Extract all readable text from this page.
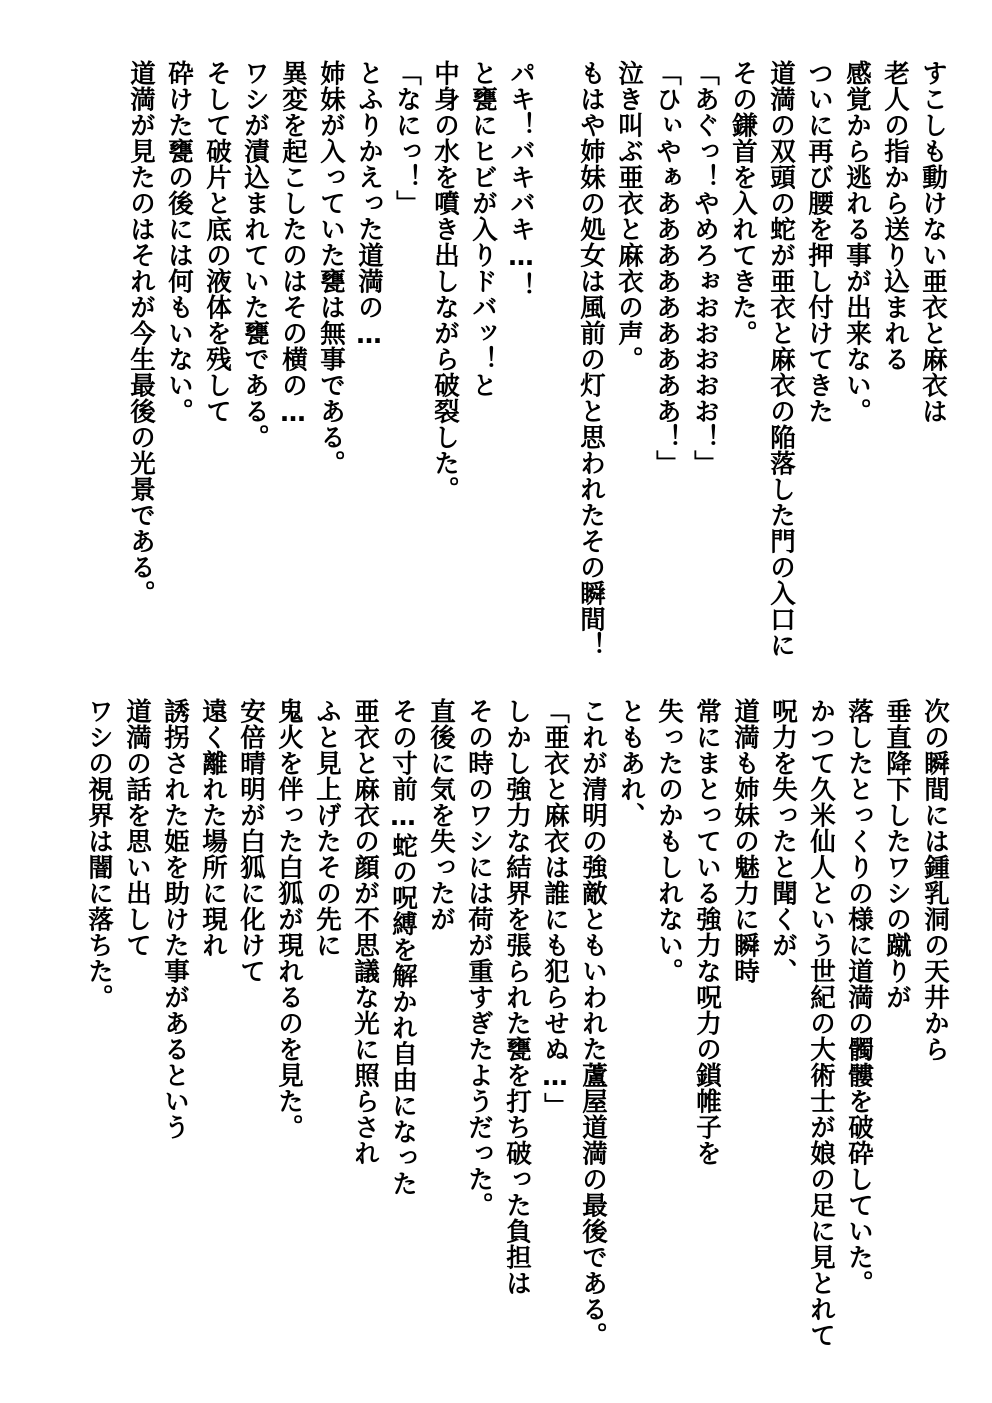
すこしも動けない亜衣と麻衣は
老人の指から送り込まれる
感覚から逃れる事が出来ない。
ついに再び腰を押し付けてきた
道満の双頭の蛇が亜衣と麻衣の陥落した門の入口に
その鎌首を入れてきた。
「あぐっ！やめろぉおおおおお！」
「ひぃやぁあああああああああ！」
泣き叫ぶ亜衣と麻衣の声。
もはや姉妹の処女は風前の灯と思われたその瞬間！
パキ！バキバキ…！
と甕にヒビが入りドバッ！と
中身の水を噴き出しながら破裂した。
「なにっ！」
とふりかえった道満の…
姉妹が入っていた甕は無事である。
異変を起こしたのはその横の…
ワシが漬込まれていた甕である。
そして破片と底の液体を残して
砕けた甕の後には何もいない。
道満が見たのはそれが今生最後の光景である。
次の瞬間には鍾乳洞の天井から
垂直降下したワシの蹴りが
落したとっくりの様に道満の髑髏を破砕していた。
かつて久米仙人という世紀の大術士が娘の足に見とれて
呪力を失ったと聞くが、
道満も姉妹の魅力に瞬時
常にまとっている強力な呪力の鎖帷子を
失ったのかもしれない。
ともあれ、
これが清明の強敵ともいわれた蘆屋道満の最後である。
「亜衣と麻衣は誰にも犯らせぬ…」
しかし強力な結界を張られた甕を打ち破った負担は
その時のワシには荷が重すぎたようだった。
直後に気を失ったが
その寸前…蛇の呪縛を解かれ自由になった
亜衣と麻衣の顔が不思議な光に照らされ
ふと見上げたその先に
鬼火を伴った白狐が現れるのを見た。
安倍晴明が白狐に化けて
遠く離れた場所に現れ
誘拐された姫を助けた事があるという
道満の話を思い出して
ワシの視界は闇に落ちた。
